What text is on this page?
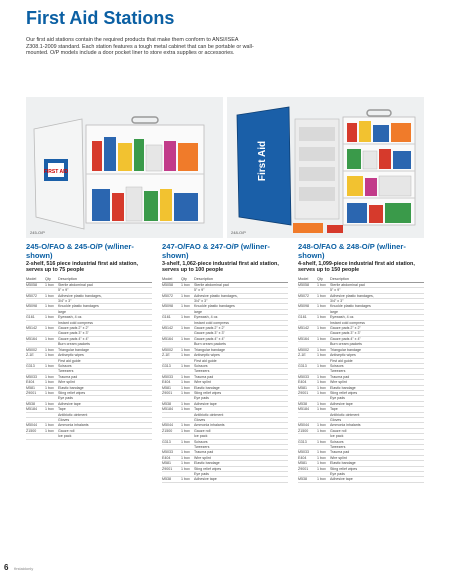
First Aid Stations
Our first aid stations contain the required products that make them conform to ANSI/ISEA Z308.1-2009 standard. Each station features a tough metal cabinet that can be portable or wall-mounted. O/P models include a door pocket liner to store extra supplies or accessories.
FIRST AID
245-O/P
First Aid
248-O/P
245-O/FAO & 245-O/P (w/liner-shown)
2-shelf, 516 piece industrial first aid station, serves up to 75 people
Model	Qty	Description
M5058	1 box	Sterile abdominal pad
5" x 9"
M5072	1 box	Adhesive plastic bandages,
3/4" x 3"
M5098	1 box	Knuckle plastic bandages
large
G161	1 box	Eyewash, 4 oz.
Instant cold compress
M5142	1 box	Gauze pads 2" x 2"
Gauze pads 3" x 3"
M5164	1 box	Gauze pads 4" x 4"
Burn cream packets
M5002	1 box	Triangular bandage
Z-1E	1 box	Antiseptic wipes
First aid guide
G313	1 box	Scissors
Tweezers
M5033	1 box	Trauma pad
E404	1 box	Wire splint
M581	1 box	Elastic bandage
Z9001	1 box	Sting relief wipes
Eye pads
M538	1 box	Adhesive tape
M5184	1 box	Tape
Antibiotic ointment
Gloves
M5044	1 box	Ammonia inhalants
Z1500	1 box	Gauze roll
Ice pack
247-O/FAO & 247-O/P (w/liner-shown)
3-shelf, 1,062-piece industrial first aid station, serves up to 100 people
Model	Qty	Description
M5058	1 box	Sterile abdominal pad
5" x 9"
M5072	1 box	Adhesive plastic bandages,
3/4" x 3"
M5098	1 box	Knuckle plastic bandages
large
G161	1 box	Eyewash, 4 oz.
Instant cold compress
M5142	1 box	Gauze pads 2" x 2"
Gauze pads 3" x 3"
M5164	1 box	Gauze pads 4" x 4"
Burn cream packets
M5002	1 box	Triangular bandage
Z-1E	1 box	Antiseptic wipes
First aid guide
G313	1 box	Scissors
Tweezers
M5033	1 box	Trauma pad
E404	1 box	Wire splint
M581	1 box	Elastic bandage
Z9001	1 box	Sting relief wipes
Eye pads
M538	1 box	Adhesive tape
M5184	1 box	Tape
Antibiotic ointment
Gloves
M5044	1 box	Ammonia inhalants
Z1500	1 box	Gauze roll
Ice pack
G313	1 box	Scissors
Tweezers
M5033	1 box	Trauma pad
E404	1 box	Wire splint
M581	1 box	Elastic bandage
Z9001	1 box	Sting relief wipes
Eye pads
M538	1 box	Adhesive tape
248-O/FAO & 248-O/P (w/liner-shown)
4-shelf, 1,099-piece industrial first aid station, serves up to 150 people
Model	Qty	Description
M5058	1 box	Sterile abdominal pad
5" x 9"
M5072	1 box	Adhesive plastic bandages,
3/4" x 3"
M5098	1 box	Knuckle plastic bandages
large
G161	1 box	Eyewash, 4 oz.
Instant cold compress
M5142	1 box	Gauze pads 2" x 2"
Gauze pads 3" x 3"
M5164	1 box	Gauze pads 4" x 4"
Burn cream packets
M5002	1 box	Triangular bandage
Z-1E	1 box	Antiseptic wipes
First aid guide
G313	1 box	Scissors
Tweezers
M5033	1 box	Trauma pad
E404	1 box	Wire splint
M581	1 box	Elastic bandage
Z9001	1 box	Sting relief wipes
Eye pads
M538	1 box	Adhesive tape
M5184	1 box	Tape
Antibiotic ointment
Gloves
M5044	1 box	Ammonia inhalants
Z1500	1 box	Gauze roll
Ice pack
G313	1 box	Scissors
Tweezers
M5033	1 box	Trauma pad
E404	1 box	Wire splint
M581	1 box	Elastic bandage
Z9001	1 box	Sting relief wipes
Eye pads
M538	1 box	Adhesive tape
6 firstaidonly
